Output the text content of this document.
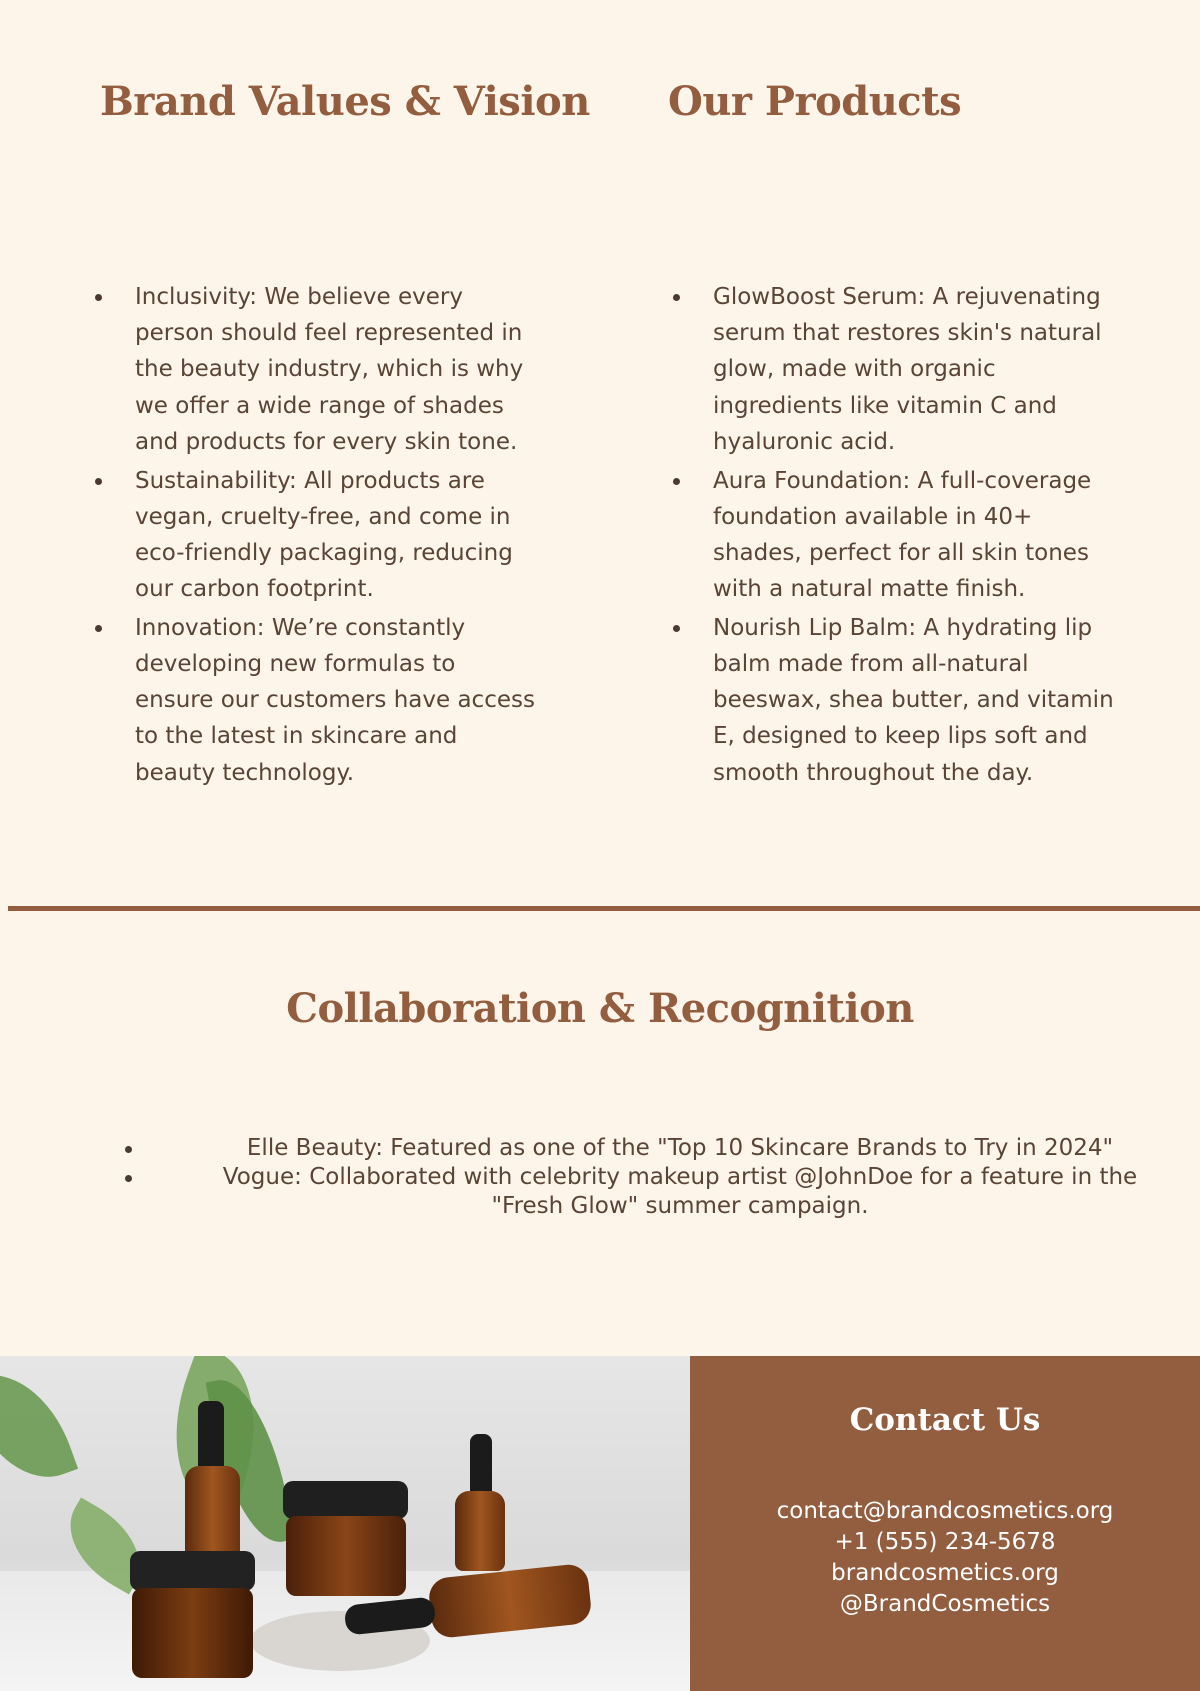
Brand Values & Vision Our Products
Inclusivity: We believe every person should feel represented in the beauty industry, which is why we offer a wide range of shades and products for every skin tone.
Sustainability: All products are vegan, cruelty-free, and come in eco-friendly packaging, reducing our carbon footprint.
Innovation: We’re constantly developing new formulas to ensure our customers have access to the latest in skincare and beauty technology.
GlowBoost Serum: A rejuvenating serum that restores skin's natural glow, made with organic ingredients like vitamin C and hyaluronic acid.
Aura Foundation: A full-coverage foundation available in 40+ shades, perfect for all skin tones with a natural matte finish.
Nourish Lip Balm: A hydrating lip balm made from all-natural beeswax, shea butter, and vitamin E, designed to keep lips soft and smooth throughout the day.
Collaboration & Recognition
Elle Beauty: Featured as one of the "Top 10 Skincare Brands to Try in 2024"
Vogue: Collaborated with celebrity makeup artist @JohnDoe for a feature in the "Fresh Glow" summer campaign.
Contact Us
contact@brandcosmetics.org
+1 (555) 234-5678
brandcosmetics.org
@BrandCosmetics
